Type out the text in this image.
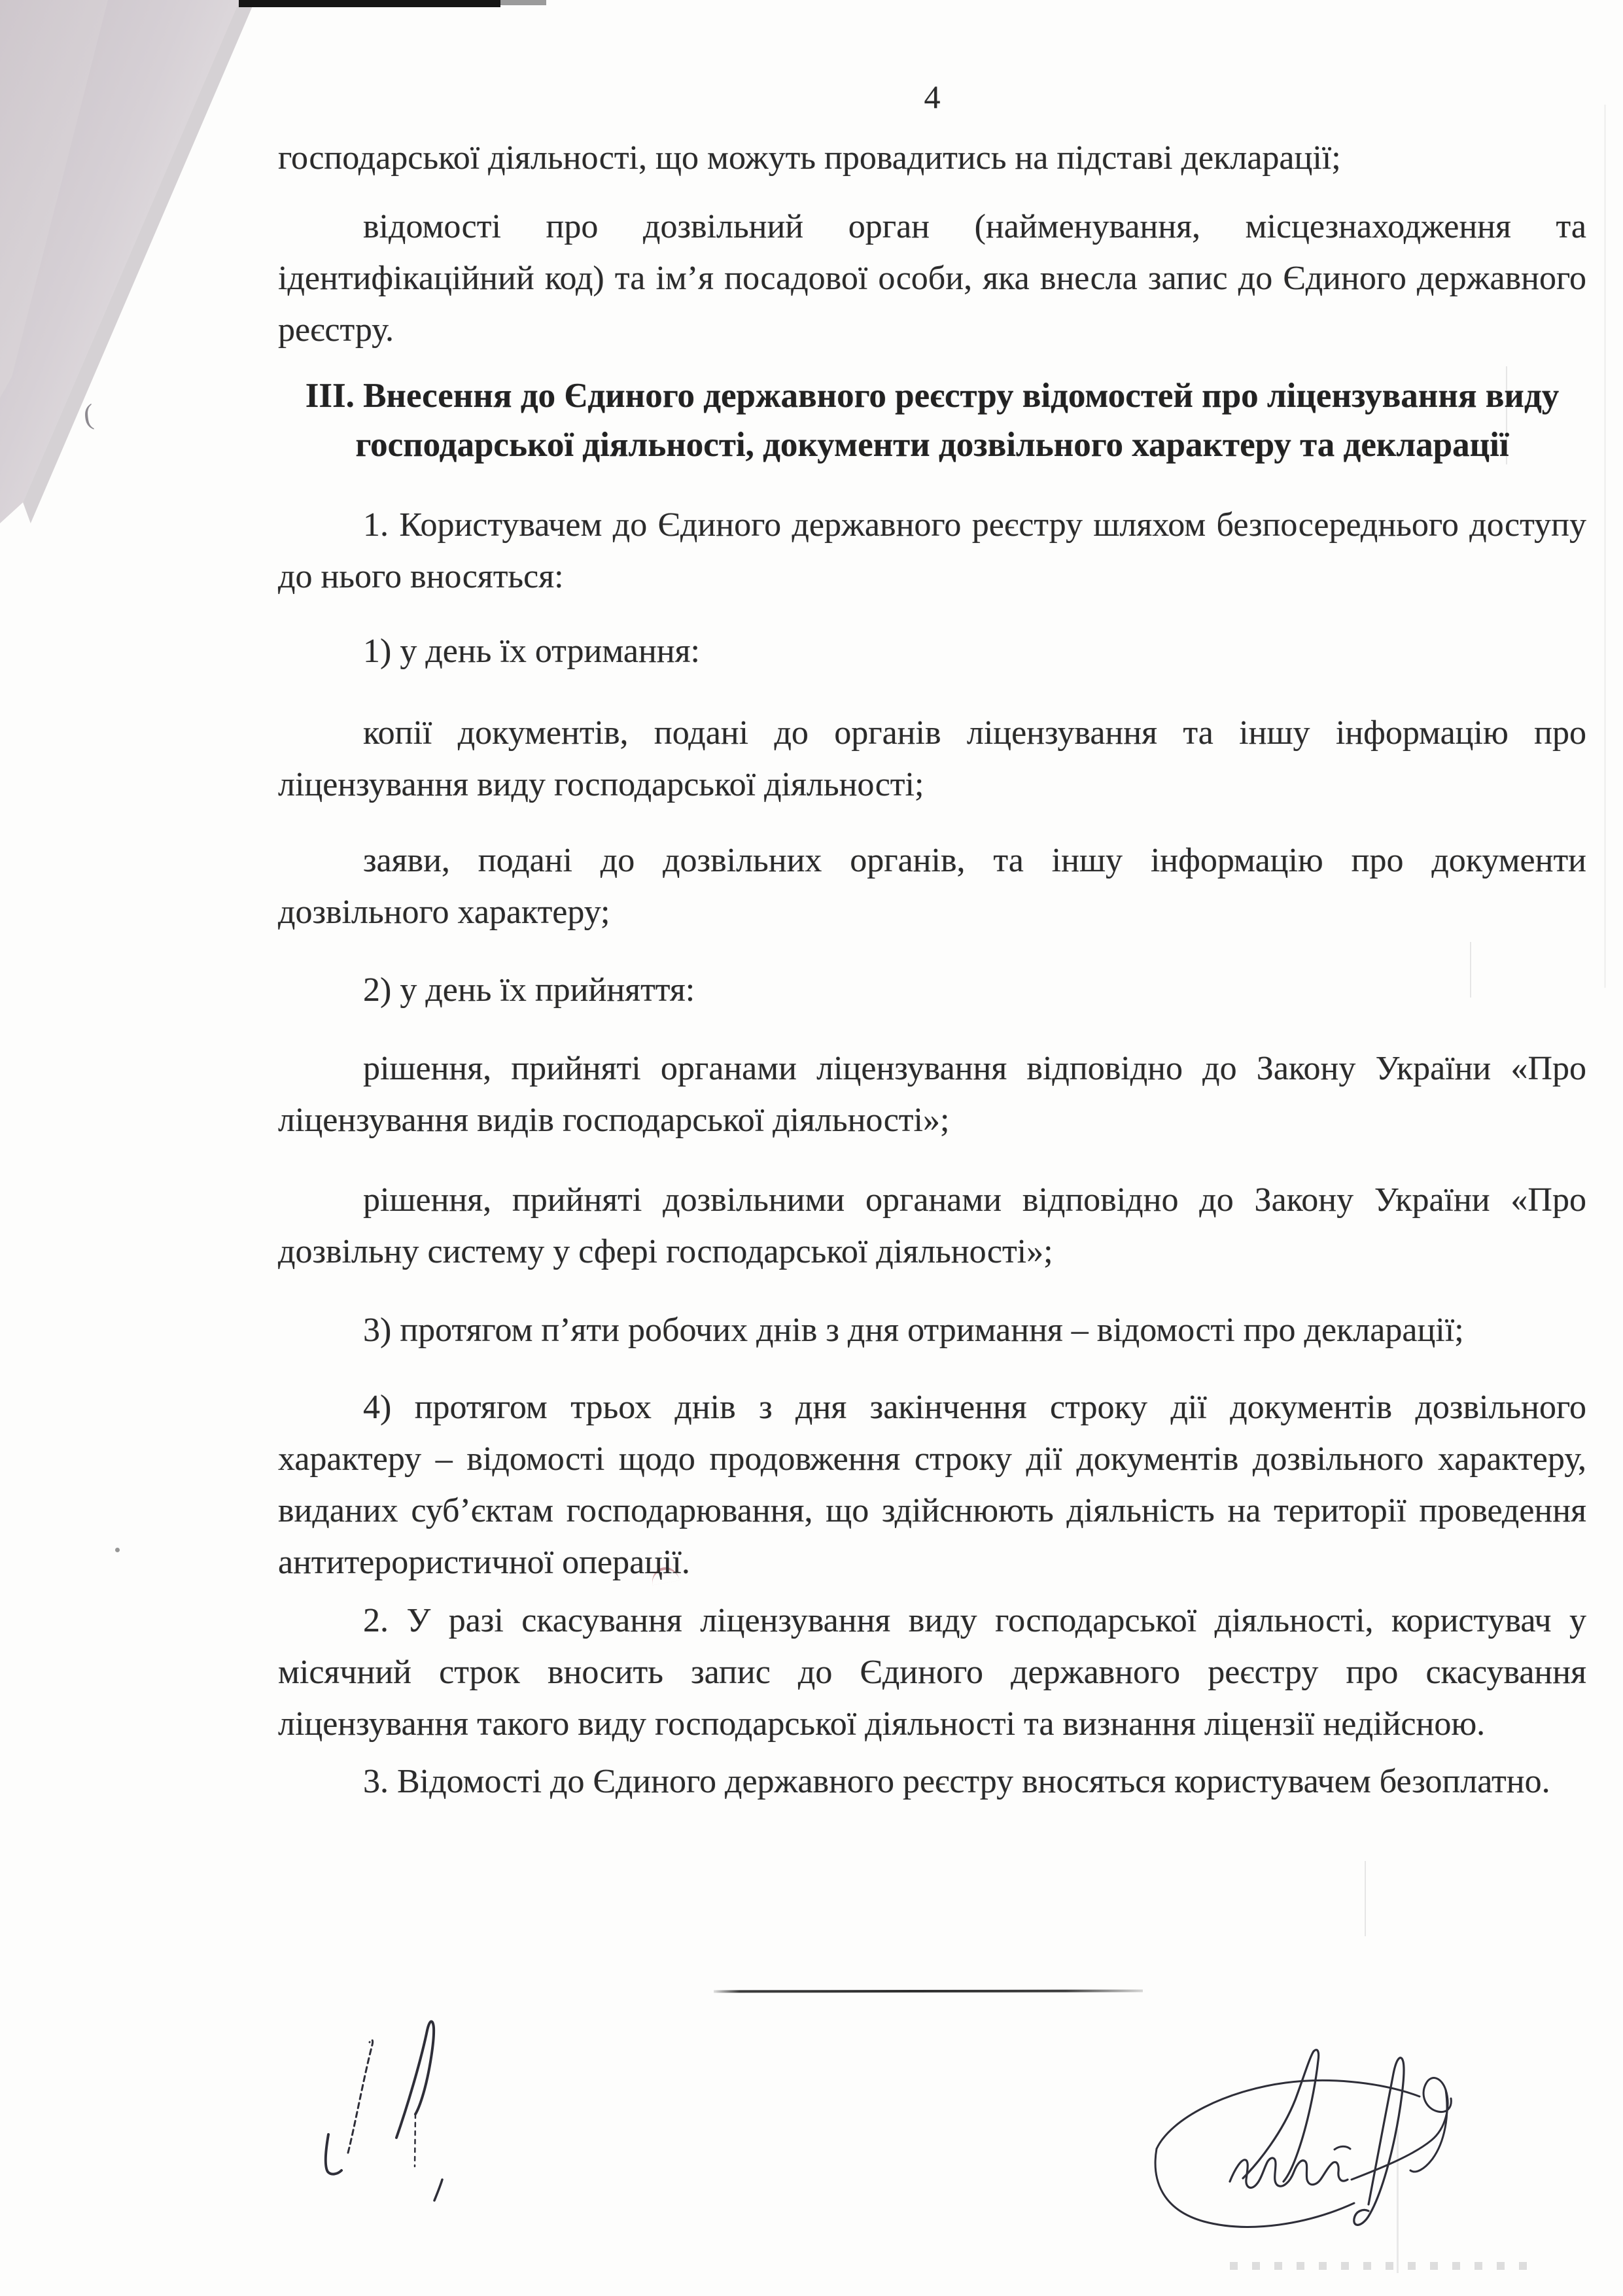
(
4

господарської діяльності, що можуть провадитись на підставі декларації;

відомості про дозвільний орган (найменування, місцезнаходження та ідентифікаційний код) та ім’я посадової особи, яка внесла запис до Єдиного державного реєстру.

ІІІ. Внесення до Єдиного державного реєстру відомостей про ліцензування виду господарської діяльності, документи дозвільного характеру та декларації

1. Користувачем до Єдиного державного реєстру шляхом безпосереднього доступу до нього вносяться:

1) у день їх отримання:

копії документів, подані до органів ліцензування та іншу інформацію про ліцензування виду господарської діяльності;

заяви, подані до дозвільних органів, та іншу інформацію про документи дозвільного характеру;

2) у день їх прийняття:

рішення, прийняті органами ліцензування відповідно до Закону України «Про ліцензування видів господарської діяльності»;

рішення, прийняті дозвільними органами відповідно до Закону України «Про дозвільну систему у сфері господарської діяльності»;

3) протягом п’яти робочих днів з дня отримання – відомості про декларації;

4) протягом трьох днів з дня закінчення строку дії документів дозвільного характеру – відомості щодо продовження строку дії документів дозвільного характеру, виданих суб’єктам господарювання, що здійснюють діяльність на території проведення антитерористичної операції.

2. У разі скасування ліцензування виду господарської діяльності, користувач у місячний строк вносить запис до Єдиного державного реєстру про скасування ліцензування такого виду господарської діяльності та визнання ліцензії недійсною.

3. Відомості до Єдиного державного реєстру вносяться користувачем безоплатно.
